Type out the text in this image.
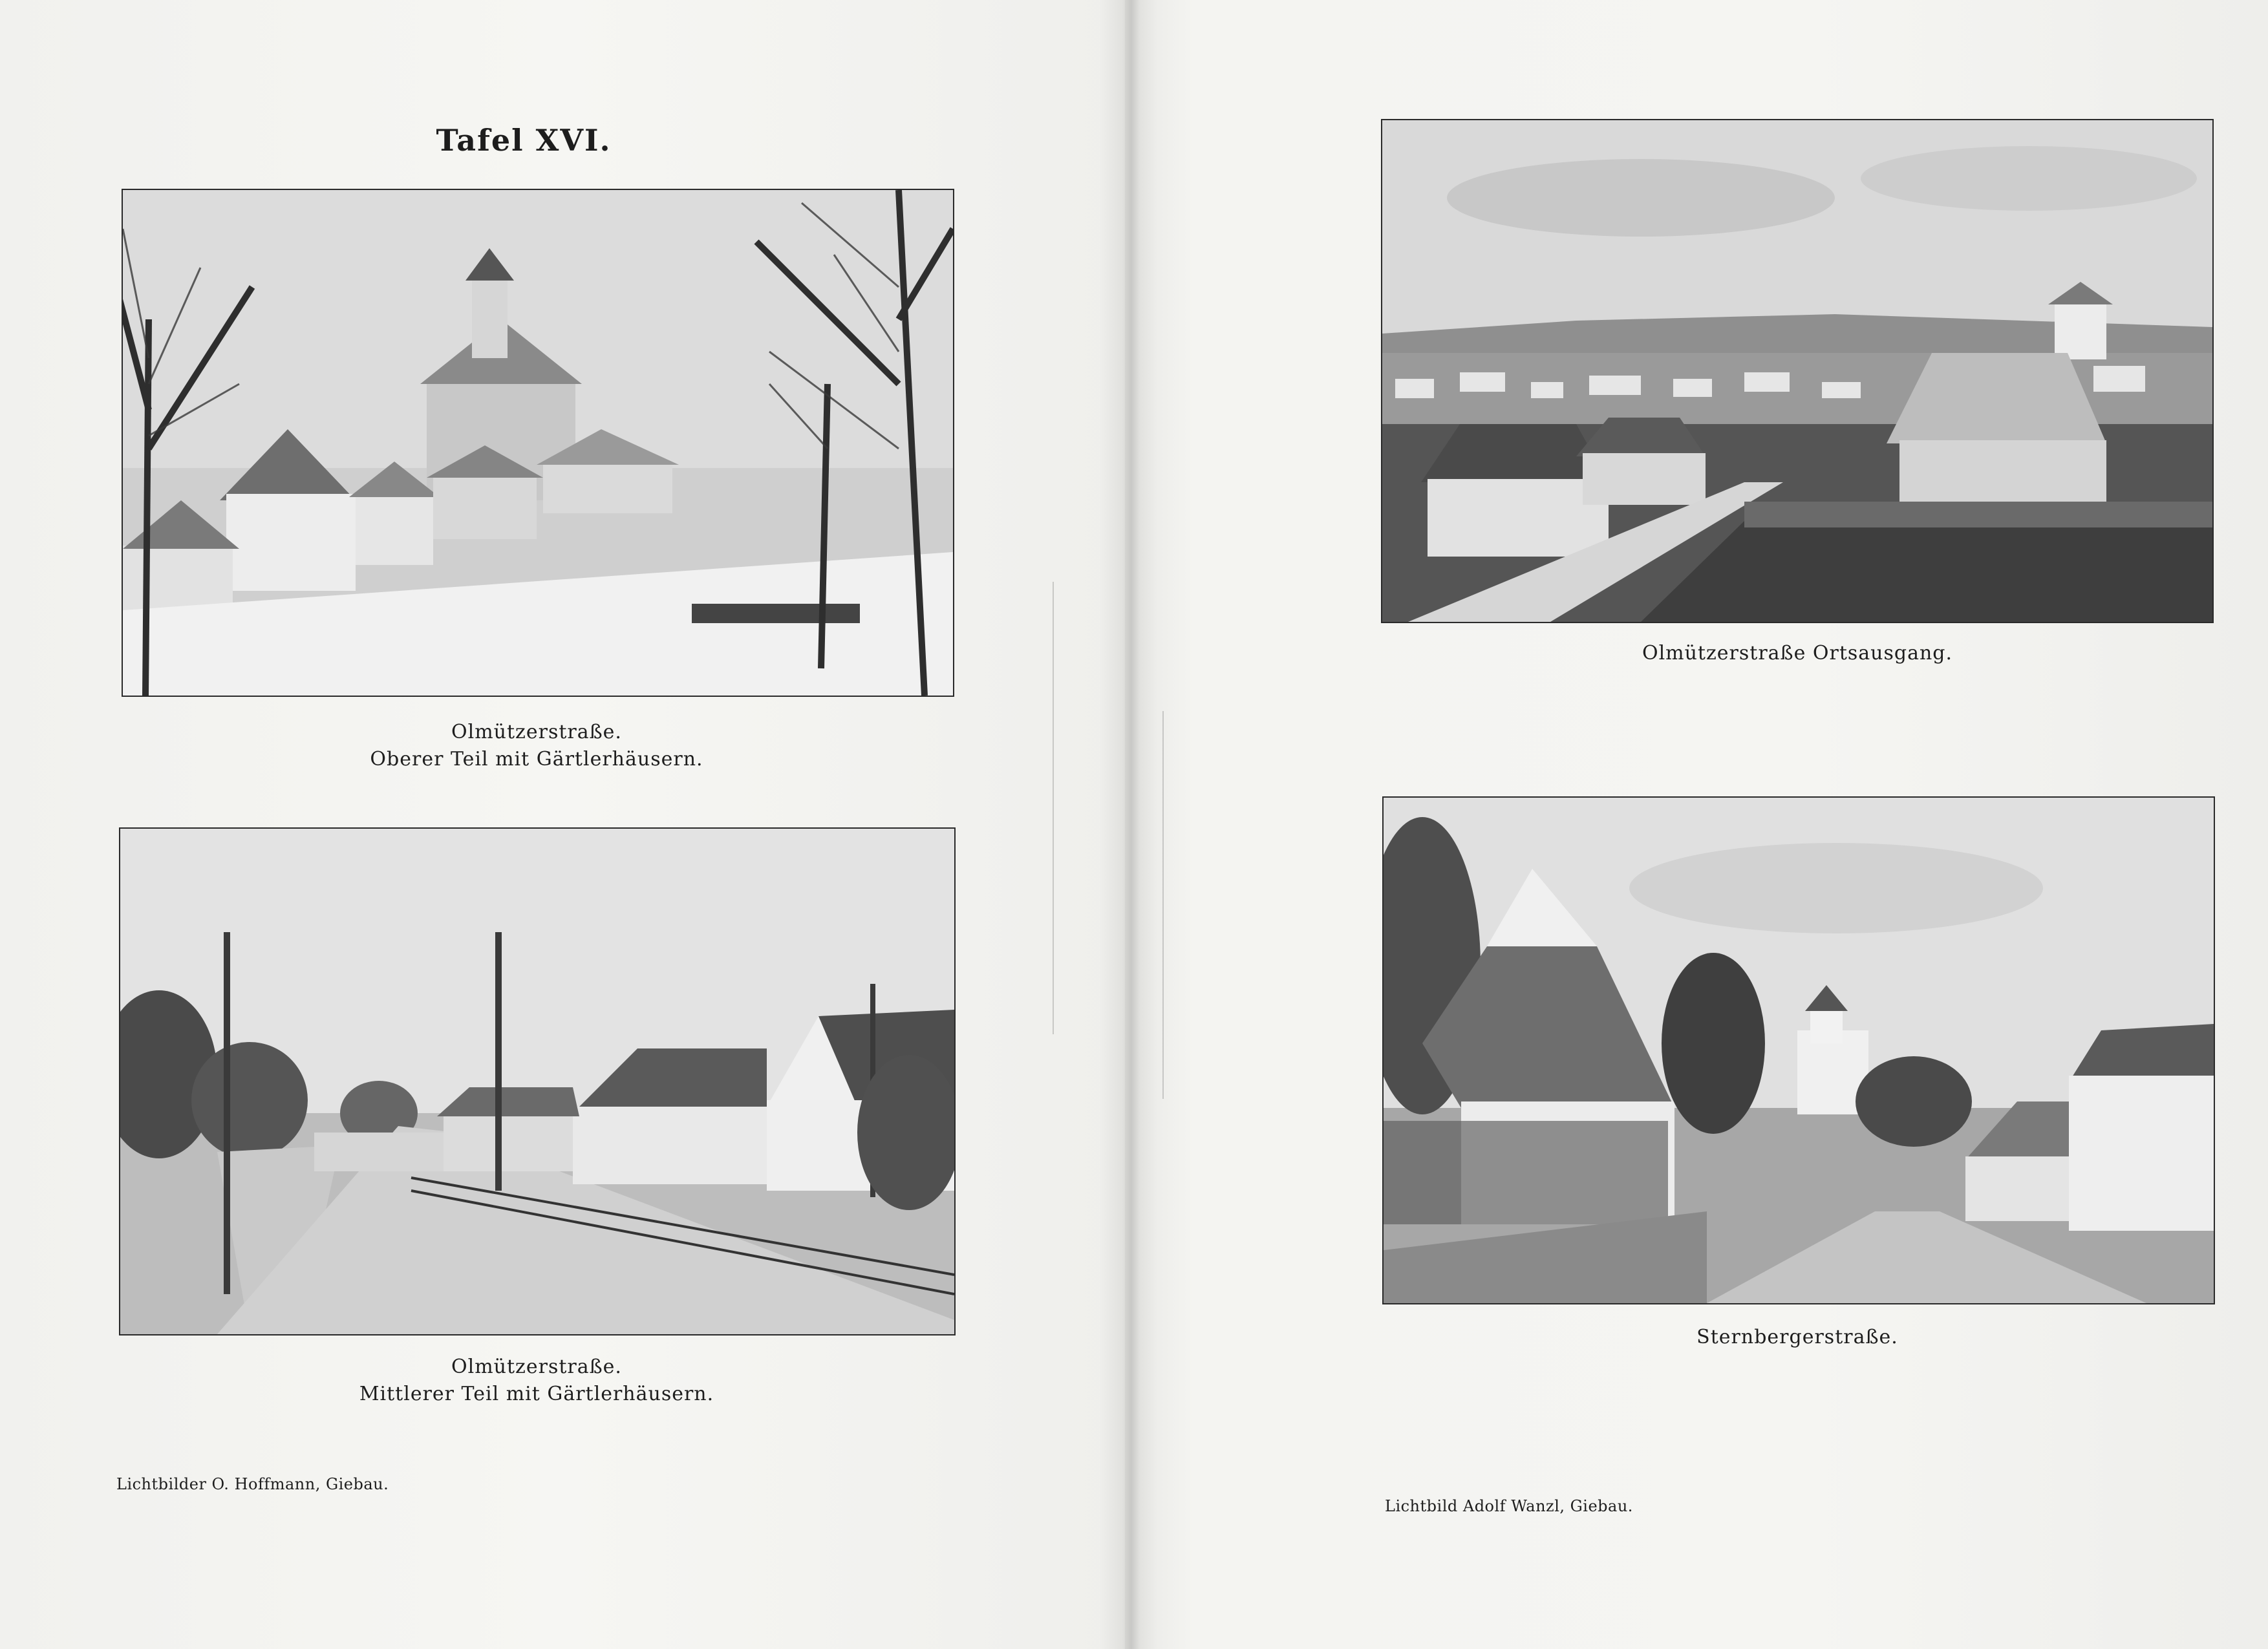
Tafel XVI.
Olmützerstraße.
Oberer Teil mit Gärtlerhäusern.
Olmützerstraße.
Mittlerer Teil mit Gärtlerhäusern.
Lichtbilder O. Hoffmann, Giebau.
Olmützerstraße Ortsausgang.
Sternbergerstraße.
Lichtbild Adolf Wanzl, Giebau.
